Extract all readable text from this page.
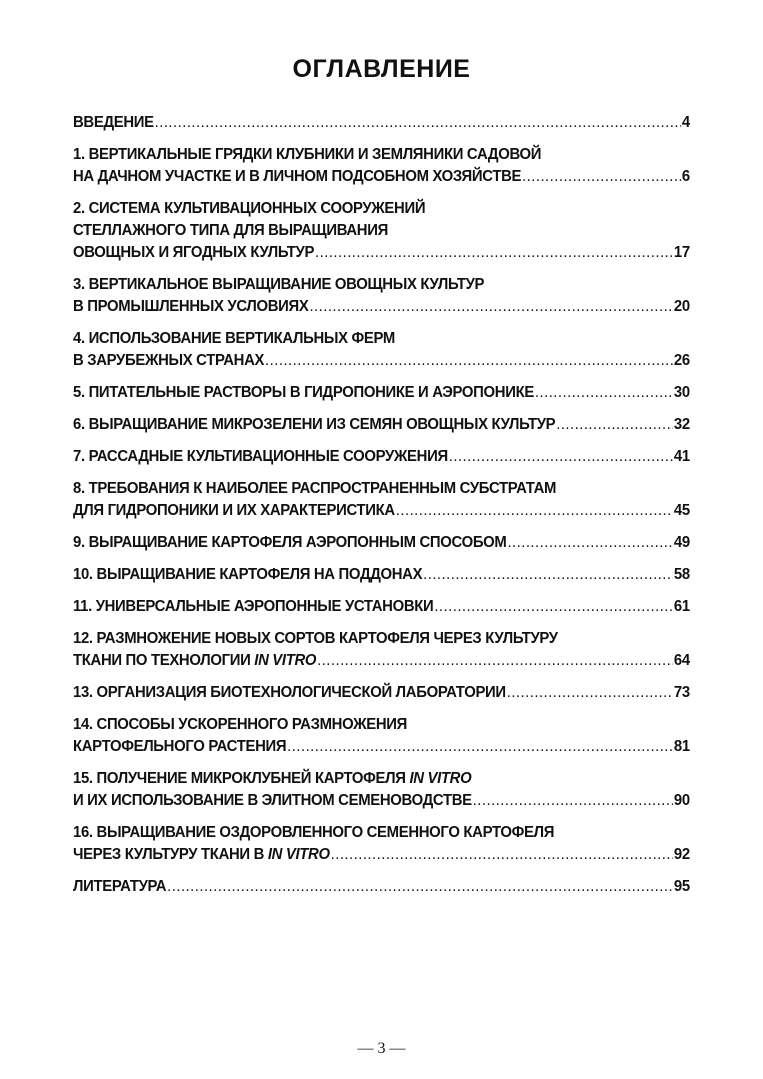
ОГЛАВЛЕНИЕ
ВВЕДЕНИЕ .....	4
1. ВЕРТИКАЛЬНЫЕ ГРЯДКИ КЛУБНИКИ И ЗЕМЛЯНИКИ САДОВОЙ
НА ДАЧНОМ УЧАСТКЕ И В ЛИЧНОМ ПОДСОБНОМ ХОЗЯЙСТВЕ .....	6
2. СИСТЕМА КУЛЬТИВАЦИОННЫХ СООРУЖЕНИЙ
СТЕЛЛАЖНОГО ТИПА ДЛЯ ВЫРАЩИВАНИЯ
ОВОЩНЫХ И ЯГОДНЫХ КУЛЬТУР .....	17
3. ВЕРТИКАЛЬНОЕ ВЫРАЩИВАНИЕ ОВОЩНЫХ КУЛЬТУР
В ПРОМЫШЛЕННЫХ УСЛОВИЯХ .....	20
4. ИСПОЛЬЗОВАНИЕ ВЕРТИКАЛЬНЫХ ФЕРМ
В ЗАРУБЕЖНЫХ СТРАНАХ .....	26
5. ПИТАТЕЛЬНЫЕ РАСТВОРЫ В ГИДРОПОНИКЕ И АЭРОПОНИКЕ .....	30
6. ВЫРАЩИВАНИЕ МИКРОЗЕЛЕНИ ИЗ СЕМЯН ОВОЩНЫХ КУЛЬТУР .....	32
7. РАССАДНЫЕ КУЛЬТИВАЦИОННЫЕ СООРУЖЕНИЯ .....	41
8. ТРЕБОВАНИЯ К НАИБОЛЕЕ РАСПРОСТРАНЕННЫМ СУБСТРАТАМ
ДЛЯ ГИДРОПОНИКИ И ИХ ХАРАКТЕРИСТИКА .....	45
9. ВЫРАЩИВАНИЕ КАРТОФЕЛЯ АЭРОПОННЫМ СПОСОБОМ .....	49
10. ВЫРАЩИВАНИЕ КАРТОФЕЛЯ НА ПОДДОНАХ .....	58
11. УНИВЕРСАЛЬНЫЕ АЭРОПОННЫЕ УСТАНОВКИ .....	61
12. РАЗМНОЖЕНИЕ НОВЫХ СОРТОВ КАРТОФЕЛЯ ЧЕРЕЗ КУЛЬТУРУ
ТКАНИ ПО ТЕХНОЛОГИИ IN VITRO .....	64
13. ОРГАНИЗАЦИЯ БИОТЕХНОЛОГИЧЕСКОЙ ЛАБОРАТОРИИ .....	73
14. СПОСОБЫ УСКОРЕННОГО РАЗМНОЖЕНИЯ
КАРТОФЕЛЬНОГО РАСТЕНИЯ .....	81
15. ПОЛУЧЕНИЕ МИКРОКЛУБНЕЙ КАРТОФЕЛЯ IN VITRO
И ИХ ИСПОЛЬЗОВАНИЕ В ЭЛИТНОМ СЕМЕНОВОДСТВЕ .....	90
16. ВЫРАЩИВАНИЕ ОЗДОРОВЛЕННОГО СЕМЕННОГО КАРТОФЕЛЯ
ЧЕРЕЗ КУЛЬТУРУ ТКАНИ В IN VITRO .....	92
ЛИТЕРАТУРА .....	95
— 3 —
